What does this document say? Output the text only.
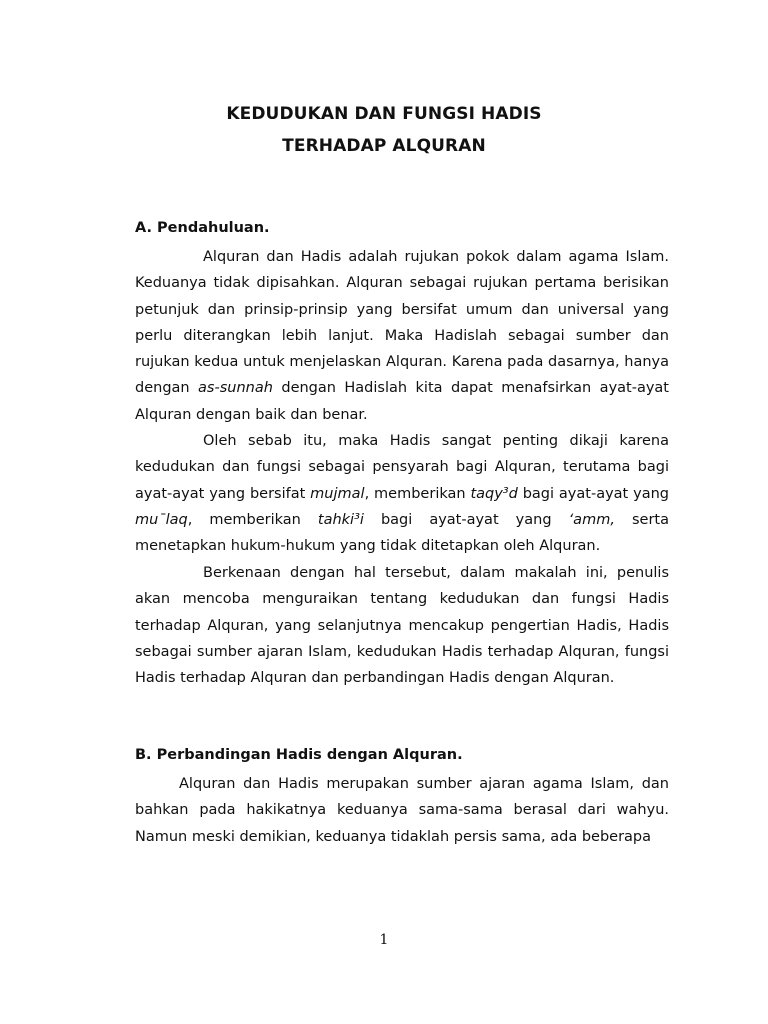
KEDUDUKAN DAN FUNGSI HADIS
TERHADAP ALQURAN
A. Pendahuluan.

Alquran dan Hadis adalah rujukan pokok dalam agama Islam. Keduanya tidak dipisahkan. Alquran sebagai rujukan pertama berisikan petunjuk dan prinsip-prinsip yang bersifat umum dan universal yang perlu diterangkan lebih lanjut. Maka Hadislah sebagai sumber dan rujukan kedua untuk menjelaskan Alquran. Karena pada dasarnya, hanya dengan as-sunnah dengan Hadislah kita dapat menafsirkan ayat-ayat Alquran dengan baik dan benar.

Oleh sebab itu, maka Hadis sangat penting dikaji karena kedudukan dan fungsi sebagai pensyarah bagi Alquran, terutama bagi ayat-ayat yang bersifat mujmal, memberikan taqy³d bagi ayat-ayat yang mu¯laq, memberikan tahki³i bagi ayat-ayat yang ‘amm, serta menetapkan hukum-hukum yang tidak ditetapkan oleh Alquran.

Berkenaan dengan hal tersebut, dalam makalah ini, penulis akan mencoba menguraikan tentang kedudukan dan fungsi Hadis terhadap Alquran, yang selanjutnya mencakup pengertian Hadis, Hadis sebagai sumber ajaran Islam, kedudukan Hadis terhadap Alquran, fungsi Hadis terhadap Alquran dan perbandingan Hadis dengan Alquran.

B. Perbandingan Hadis dengan Alquran.

Alquran dan Hadis merupakan sumber ajaran agama Islam, dan bahkan pada hakikatnya keduanya sama-sama berasal dari wahyu. Namun meski demikian, keduanya tidaklah persis sama, ada beberapa

1
